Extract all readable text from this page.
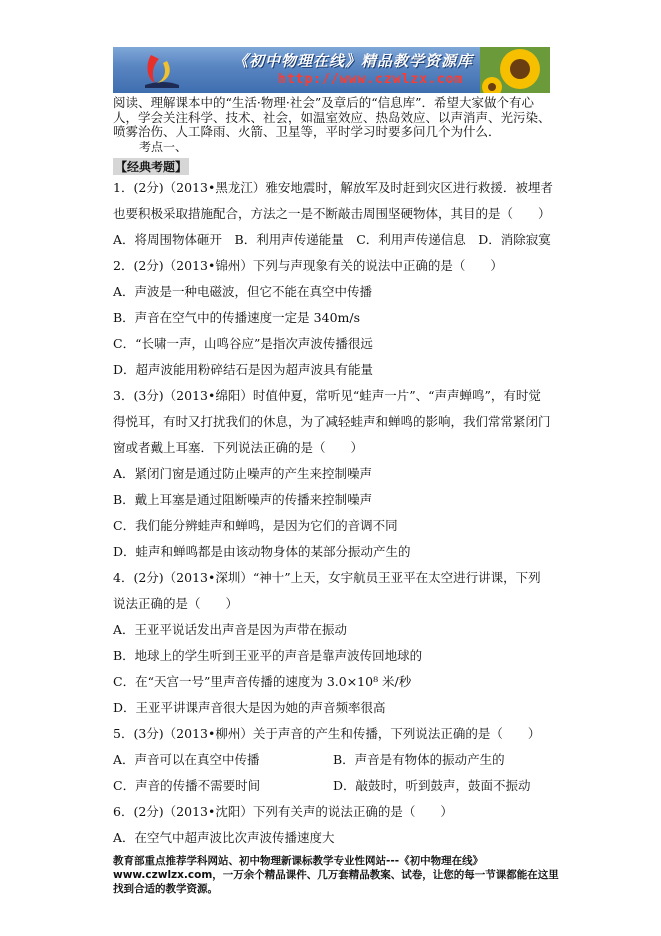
《初中物理在线》精品教学资源库
http://www.czwlzx.com

阅读、理解课本中的“生活·物理·社会”及章后的“信息库”．希望大家做个有心人，学会关注科学、技术、社会，如温室效应、热岛效应、以声消声、光污染、喷雾治伤、人工降雨、火箭、卫星等，平时学习时要多问几个为什么．

考点一、

【经典考题】

1．(2分)（2013•黑龙江）雅安地震时，解放军及时赶到灾区进行救援．被埋者也要积极采取措施配合，方法之一是不断敲击周围坚硬物体，其目的是（　　）

A．将周围物体砸开　B．利用声传递能量　C．利用声传递信息　D．消除寂寞

2．(2分)（2013•锦州）下列与声现象有关的说法中正确的是（　　）

A．声波是一种电磁波，但它不能在真空中传播

B．声音在空气中的传播速度一定是 340m/s

C．“长啸一声，山鸣谷应”是指次声波传播很远

D．超声波能用粉碎结石是因为超声波具有能量

3．(3分)（2013•绵阳）时值仲夏，常听见“蛙声一片”、“声声蝉鸣”，有时觉得悦耳，有时又打扰我们的休息，为了减轻蛙声和蝉鸣的影响，我们常常紧闭门窗或者戴上耳塞．下列说法正确的是（　　）

A．紧闭门窗是通过防止噪声的产生来控制噪声

B．戴上耳塞是通过阻断噪声的传播来控制噪声

C．我们能分辨蛙声和蝉鸣，是因为它们的音调不同

D．蛙声和蝉鸣都是由该动物身体的某部分振动产生的

4．(2分)（2013•深圳）“神十”上天，女宇航员王亚平在太空进行讲课，下列说法正确的是（　　）

A．王亚平说话发出声音是因为声带在振动

B．地球上的学生听到王亚平的声音是靠声波传回地球的

C．在“天宫一号”里声音传播的速度为 3.0×10⁸ 米/秒

D．王亚平讲课声音很大是因为她的声音频率很高

5．(3分)（2013•柳州）关于声音的产生和传播，下列说法正确的是（　　）

A．声音可以在真空中传播	B．声音是有物体的振动产生的
C．声音的传播不需要时间	D．敲鼓时，听到鼓声，鼓面不振动

6．(2分)（2013•沈阳）下列有关声的说法正确的是（　　）

A．在空气中超声波比次声波传播速度大

教育部重点推荐学科网站、初中物理新课标教学专业性网站---《初中物理在线》www.czwlzx.com，一万余个精品课件、几万套精品教案、试卷，让您的每一节课都能在这里找到合适的教学资源。
